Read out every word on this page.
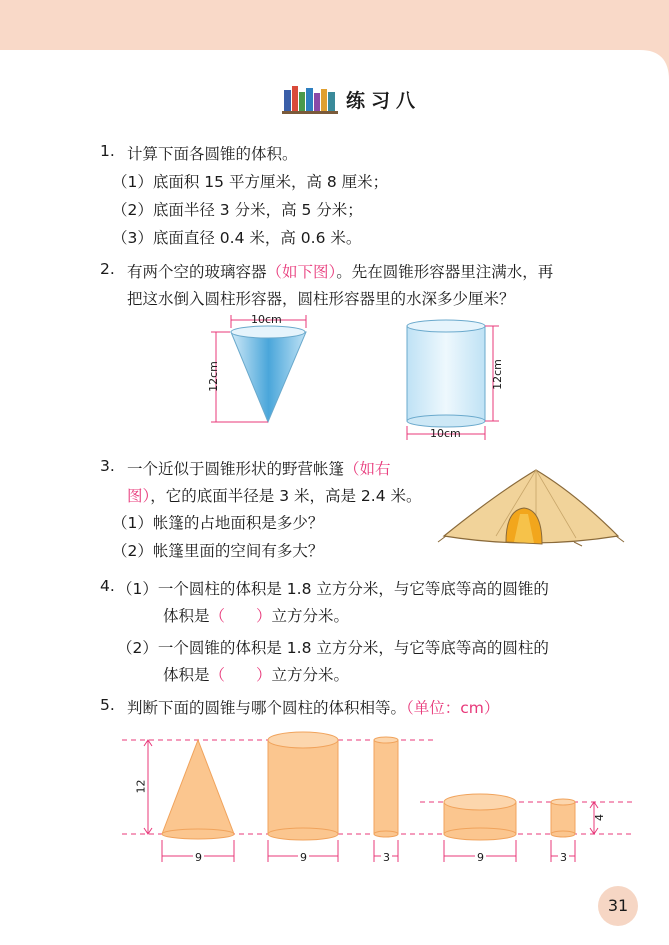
练习八
1. 计算下面各圆锥的体积。
（1）底面积 15 平方厘米，高 8 厘米；
（2）底面半径 3 分米，高 5 分米；
（3）底面直径 0.4 米，高 0.6 米。
2. 有两个空的玻璃容器（如下图）。先在圆锥形容器里注满水，再
把这水倒入圆柱形容器，圆柱形容器里的水深多少厘米？
10cm
12cm
10cm
12cm
3. 一个近似于圆锥形状的野营帐篷（如右
图），它的底面半径是 3 米，高是 2.4 米。
（1）帐篷的占地面积是多少？
（2）帐篷里面的空间有多大？
4. （1）一个圆柱的体积是 1.8 立方分米，与它等底等高的圆锥的
体积是（　　）立方分米。
（2）一个圆锥的体积是 1.8 立方分米，与它等底等高的圆柱的
体积是（　　）立方分米。
5. 判断下面的圆锥与哪个圆柱的体积相等。（单位：cm）
12
9	9	3	9	3
4
31
